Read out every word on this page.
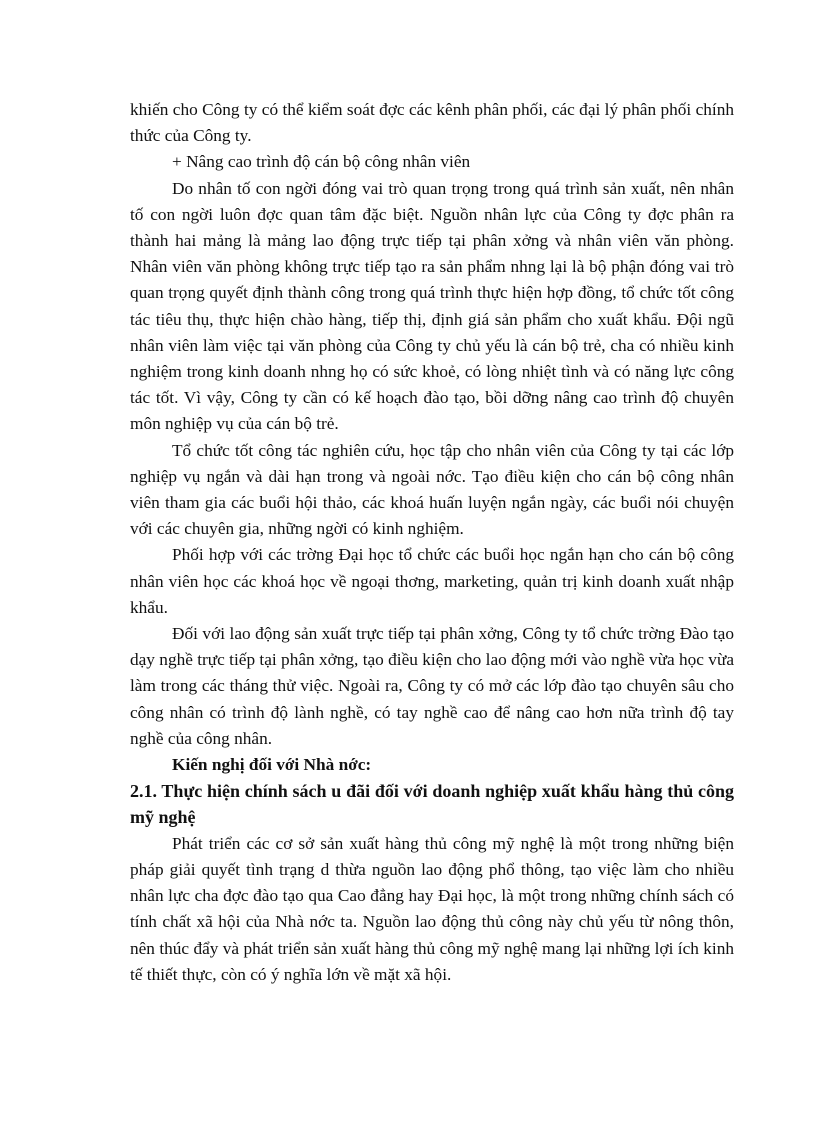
khiến cho Công ty có thể kiểm soát đợc các kênh phân phối, các đại lý phân phối chính thức của Công ty.

+ Nâng cao trình độ cán bộ công nhân viên

Do nhân tố con ngời đóng vai trò quan trọng trong quá trình sản xuất, nên nhân tố con ngời luôn đợc quan tâm đặc biệt. Nguồn nhân lực của Công ty đợc phân ra thành hai mảng là mảng lao động trực tiếp tại phân xởng và nhân viên văn phòng. Nhân viên văn phòng không trực tiếp tạo ra sản phẩm nhng lại là bộ phận đóng vai trò quan trọng quyết định thành công trong quá trình thực hiện hợp đồng, tổ chức tốt công tác tiêu thụ, thực hiện chào hàng, tiếp thị, định giá sản phẩm cho xuất khẩu. Đội ngũ nhân viên làm việc tại văn phòng của Công ty chủ yếu là cán bộ trẻ, cha có nhiều kinh nghiệm trong kinh doanh nhng họ có sức khoẻ, có lòng nhiệt tình và có năng lực công tác tốt. Vì vậy, Công ty cần có kế hoạch đào tạo, bồi dỡng nâng cao trình độ chuyên môn nghiệp vụ của cán bộ trẻ.

Tổ chức tốt công tác nghiên cứu, học tập cho nhân viên của Công ty tại các lớp nghiệp vụ ngắn và dài hạn trong và ngoài nớc. Tạo điều kiện cho cán bộ công nhân viên tham gia các buổi hội thảo, các khoá huấn luyện ngắn ngày, các buổi nói chuyện với các chuyên gia, những ngời có kinh nghiệm.

Phối hợp với các trờng Đại học tổ chức các buổi học ngắn hạn cho cán bộ công nhân viên học các khoá học về ngoại thơng, marketing, quản trị kinh doanh xuất nhập khẩu.

Đối với lao động sản xuất trực tiếp tại phân xởng, Công ty tổ chức trờng Đào tạo dạy nghề trực tiếp tại phân xởng, tạo điều kiện cho lao động mới vào nghề vừa học vừa làm trong các tháng thử việc. Ngoài ra, Công ty có mở các lớp đào tạo chuyên sâu cho công nhân có trình độ lành nghề, có tay nghề cao để nâng cao hơn nữa trình độ tay nghề của công nhân.

Kiến nghị đối với Nhà nớc:

2.1. Thực hiện chính sách u đãi đối với doanh nghiệp xuất khẩu hàng thủ công mỹ nghệ

Phát triển các cơ sở sản xuất hàng thủ công mỹ nghệ là một trong những biện pháp giải quyết tình trạng d thừa nguồn lao động phổ thông, tạo việc làm cho nhiều nhân lực cha đợc đào tạo qua Cao đẳng hay Đại học, là một trong những chính sách có tính chất xã hội của Nhà nớc ta. Nguồn lao động thủ công này chủ yếu từ nông thôn, nên thúc đẩy và phát triển sản xuất hàng thủ công mỹ nghệ mang lại những lợi ích kinh tế thiết thực, còn có ý nghĩa lớn về mặt xã hội.
